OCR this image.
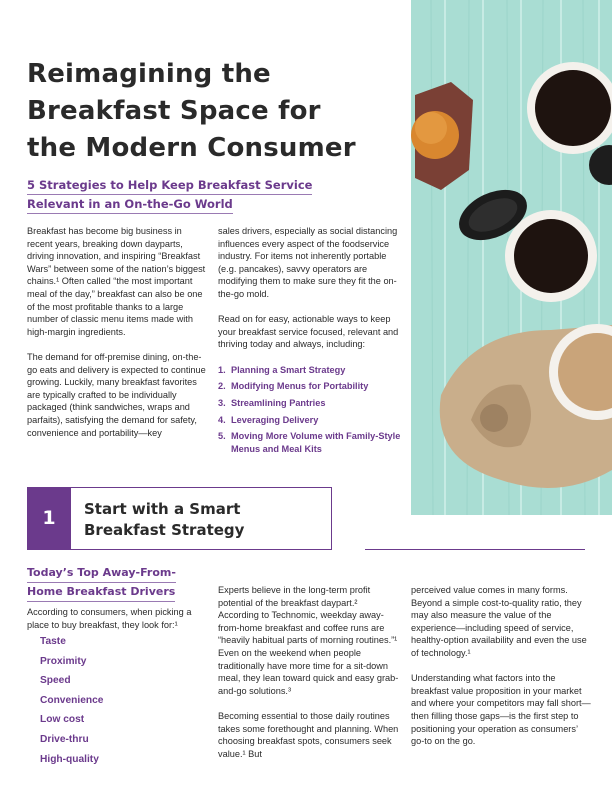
Reimagining the
Breakfast Space for
the Modern Consumer
5 Strategies to Help Keep Breakfast Service
Relevant in an On-the-Go World

Breakfast has become big business in recent years, breaking down dayparts, driving innovation, and inspiring “Breakfast Wars” between some of the nation’s biggest chains.¹ Often called “the most important meal of the day,” breakfast can also be one of the most profitable thanks to a large number of classic menu items made with high-margin ingredients.

The demand for off-premise dining, on-the-go eats and delivery is expected to continue growing. Luckily, many breakfast favorites are typically crafted to be individually packaged (think sandwiches, wraps and parfaits), satisfying the demand for safety, convenience and portability—key

sales drivers, especially as social distancing influences every aspect of the foodservice industry. For items not inherently portable (e.g. pancakes), savvy operators are modifying them to make sure they fit the on-the-go mold.

Read on for easy, actionable ways to keep your breakfast service focused, relevant and thriving today and always, including:

1. Planning a Smart Strategy
2. Modifying Menus for Portability
3. Streamlining Pantries
4. Leveraging Delivery
5. Moving More Volume with Family-Style Menus and Meal Kits
1	Start with a Smart
Breakfast Strategy
Today’s Top Away-From-
Home Breakfast Drivers

According to consumers, when picking a place to buy breakfast, they look for:¹

Taste
Proximity
Speed
Convenience
Low cost
Drive-thru
High-quality

Experts believe in the long-term profit potential of the breakfast daypart.² According to Technomic, weekday away-from-home breakfast and coffee runs are “heavily habitual parts of morning routines.”¹ Even on the weekend when people traditionally have more time for a sit-down meal, they lean toward quick and easy grab-and-go solutions.³

Becoming essential to those daily routines takes some forethought and planning. When choosing breakfast spots, consumers seek value.¹ But

perceived value comes in many forms. Beyond a simple cost-to-quality ratio, they may also measure the value of the experience—including speed of service, healthy-option availability and even the use of technology.¹

Understanding what factors into the breakfast value proposition in your market and where your competitors may fall short—then filling those gaps—is the first step to positioning your operation as consumers’ go-to on the go.
